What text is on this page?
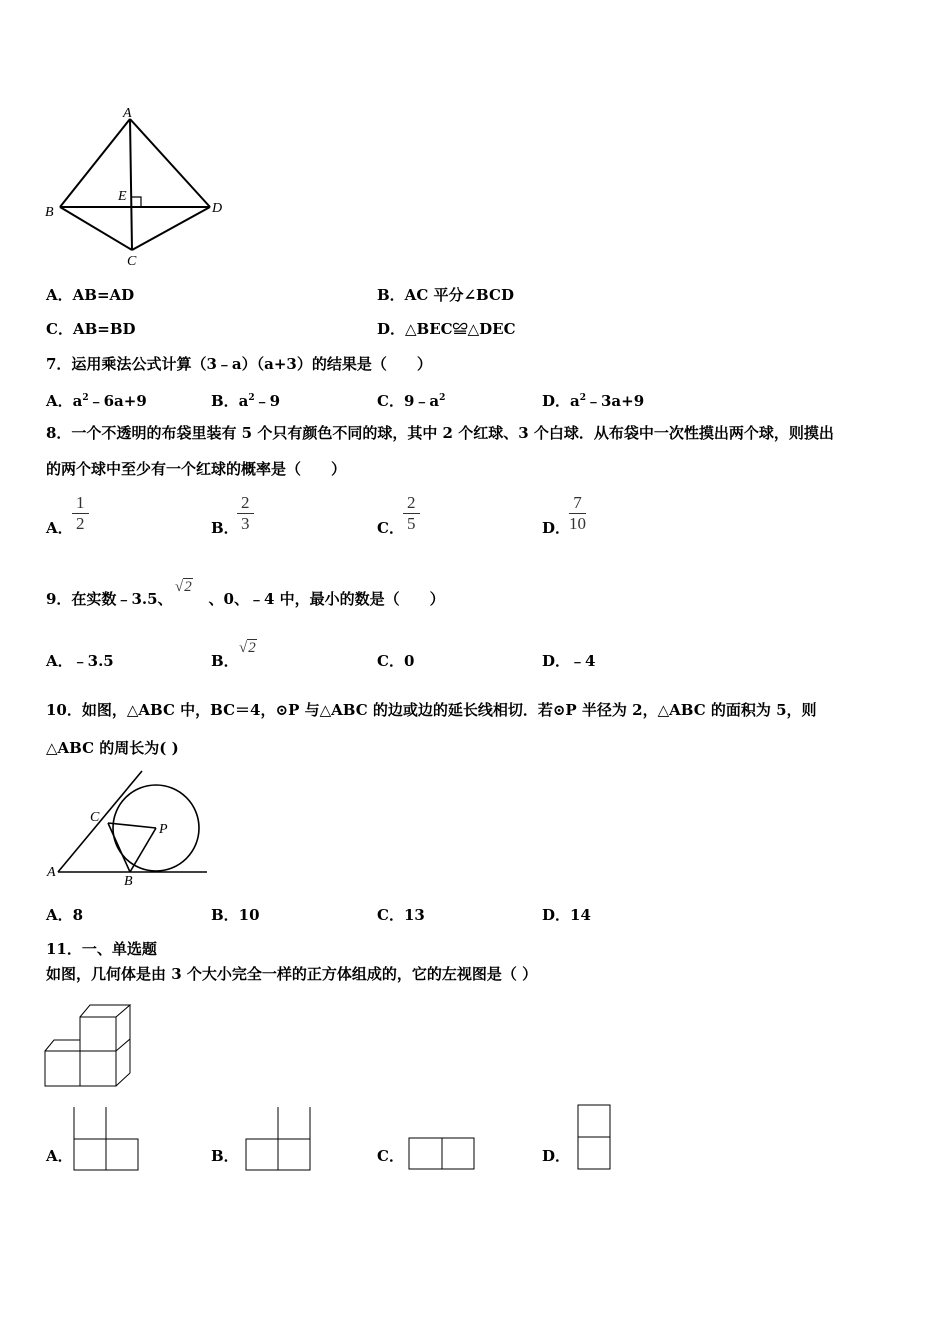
A
B
C
D
E
A．AB=AD	B．AC 平分∠BCD
C．AB=BD	D．△BEC≌△DEC
7．运用乘法公式计算（3﹣a）（a+3）的结果是（　　）
A．$a^2﹣6a+9$	B．$a^2﹣9$	C．$9﹣a^2$	D．$a^2﹣3a+9$
8．一个不透明的布袋里装有 5 个只有颜色不同的球，其中 2 个红球、3 个白球．从布袋中一次性摸出两个球，则摸出
的两个球中至少有一个红球的概率是（　　）
A．
1
2	B．
2
3	C．
2
5	D．
7
10
9．在实数﹣3.5、 、0、﹣4 中，最小的数是（　　）
√2
A．﹣3.5	B．
√2
C．0	D．﹣4
10．如图，△ABC 中，BC＝4，⊙P 与△ABC 的边或边的延长线相切．若⊙P 半径为 2，△ABC 的面积为 5，则
△ABC 的周长为( )
A
B
C
P
A．8	B．10	C．13	D．14
11．一、单选题
如图，几何体是由 3 个大小完全一样的正方体组成的，它的左视图是（ ）
A．	B．	C．	D．
